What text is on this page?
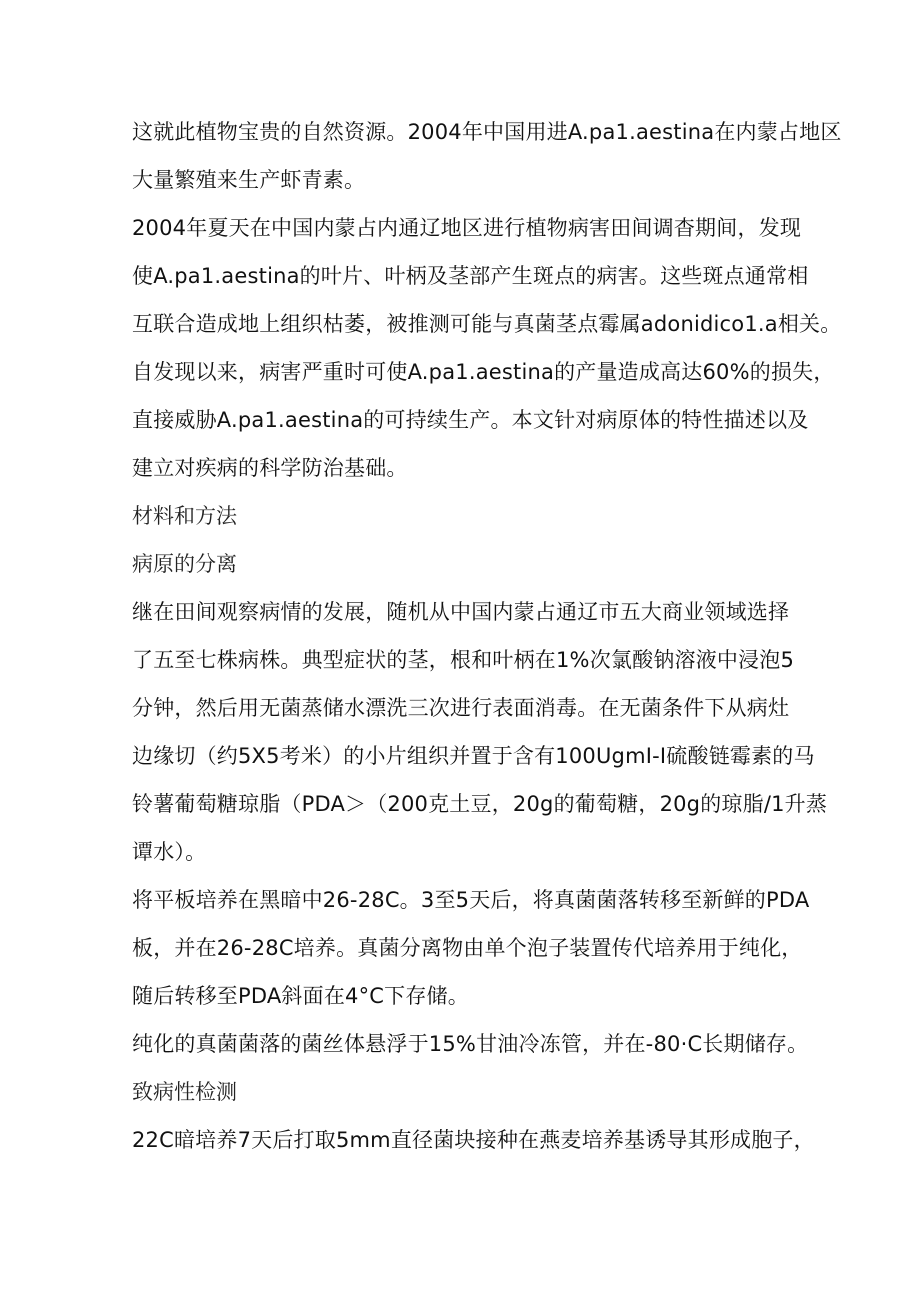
这就此植物宝贵的自然资源。2004年中国用进A.pa1.aestina在内蒙占地区
大量繁殖来生产虾青素。
2004年夏天在中国内蒙占内通辽地区进行植物病害田间调杳期间，发现
使A.pa1.aestina的叶片、叶柄及茎部产生斑点的病害。这些斑点通常相
互联合造成地上组织枯萎，被推测可能与真菌茎点霉属adonidico1.a相关。
自发现以来，病害严重时可使A.pa1.aestina的产量造成高达60%的损失，
直接威胁A.pa1.aestina的可持续生产。本文针对病原体的特性描述以及
建立对疾病的科学防治基础。
材料和方法
病原的分离
继在田间观察病情的发展，随机从中国内蒙占通辽市五大商业领域选择
了五至七株病株。典型症状的茎，根和叶柄在1%次氯酸钠溶液中浸泡5
分钟，然后用无菌蒸储水漂洗三次进行表面消毒。在无菌条件下从病灶
边缘切（约5X5考米）的小片组织并置于含有100UgmI-I硫酸链霉素的马
铃薯葡萄糖琼脂（PDA＞（200克土豆，20g的葡萄糖，20g的琼脂/1升蒸
谭水）。
将平板培养在黑暗中26-28C。3至5天后，将真菌菌落转移至新鲜的PDA
板，并在26-28C培养。真菌分离物由单个泡子装置传代培养用于纯化，
随后转移至PDA斜面在4°C下存储。
纯化的真菌菌落的菌丝体悬浮于15%甘油冷冻管，并在-80·C长期储存。
致病性检测
22C暗培养7天后打取5mm直径菌块接种在燕麦培养基诱导其形成胞子，
